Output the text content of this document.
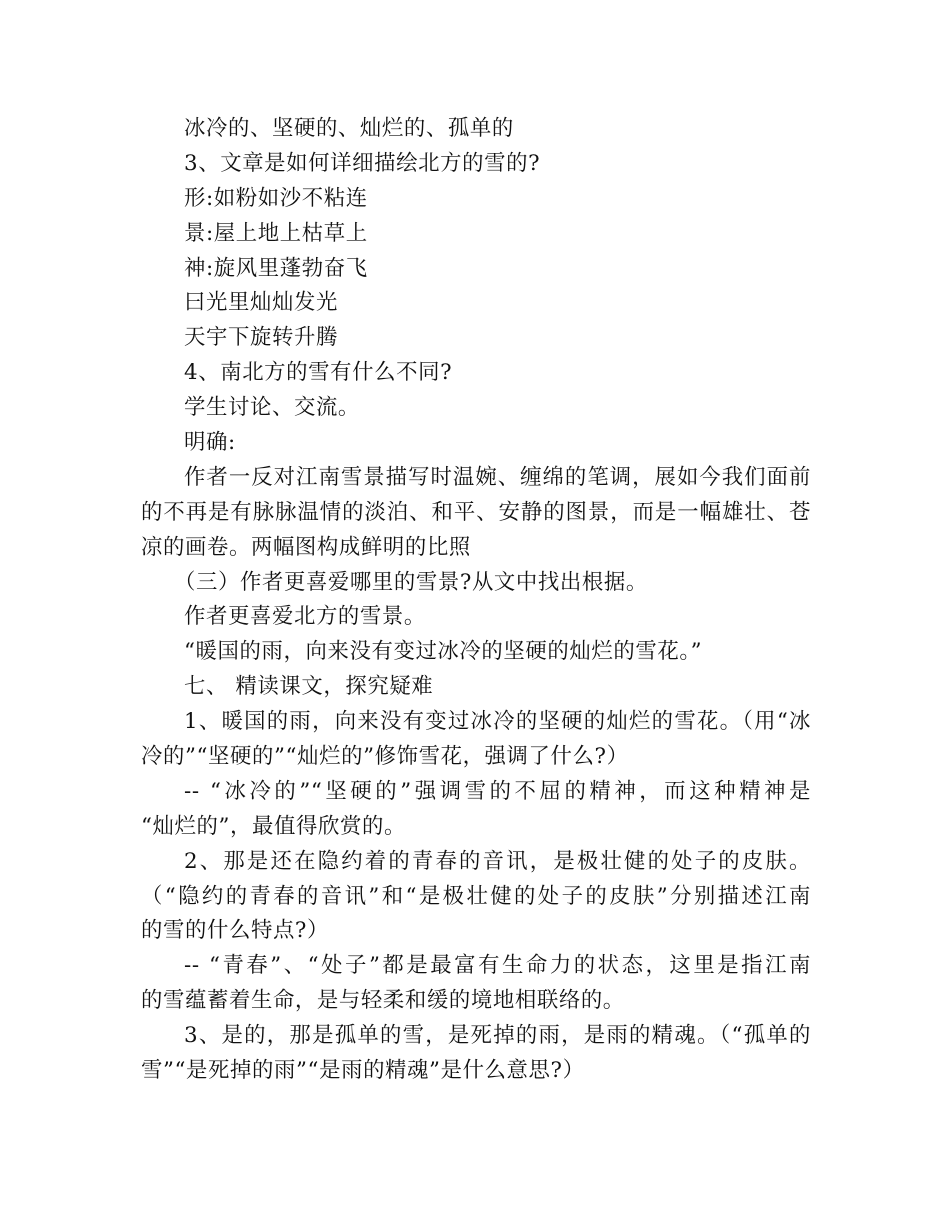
冰冷的、坚硬的、灿烂的、孤单的
3、文章是如何详细描绘北方的雪的?
形:如粉如沙不粘连
景:屋上地上枯草上
神:旋风里蓬勃奋飞
曰光里灿灿发光
天宇下旋转升腾
4、南北方的雪有什么不同?
学生讨论、交流。
明确:
作者一反对江南雪景描写时温婉、缠绵的笔调，展如今我们面前
的不再是有脉脉温情的淡泊、和平、安静的图景，而是一幅雄壮、苍
凉的画卷。两幅图构成鲜明的比照
（三）作者更喜爱哪里的雪景?从文中找出根据。
作者更喜爱北方的雪景。
“暖国的雨，向来没有变过冰冷的坚硬的灿烂的雪花。”
七、 精读课文，探究疑难
1、暖国的雨，向来没有变过冰冷的坚硬的灿烂的雪花。（用“冰
冷的”“坚硬的”“灿烂的”修饰雪花，强调了什么?）
-- “冰冷的”“坚硬的”强调雪的不屈的精神，而这种精神是
“灿烂的”，最值得欣赏的。
2、那是还在隐约着的青春的音讯，是极壮健的处子的皮肤。
（“隐约的青春的音讯”和“是极壮健的处子的皮肤”分别描述江南
的雪的什么特点?）
-- “青春”、“处子”都是最富有生命力的状态，这里是指江南
的雪蕴蓄着生命，是与轻柔和缓的境地相联络的。
3、是的，那是孤单的雪，是死掉的雨，是雨的精魂。（“孤单的
雪”“是死掉的雨”“是雨的精魂”是什么意思?）
